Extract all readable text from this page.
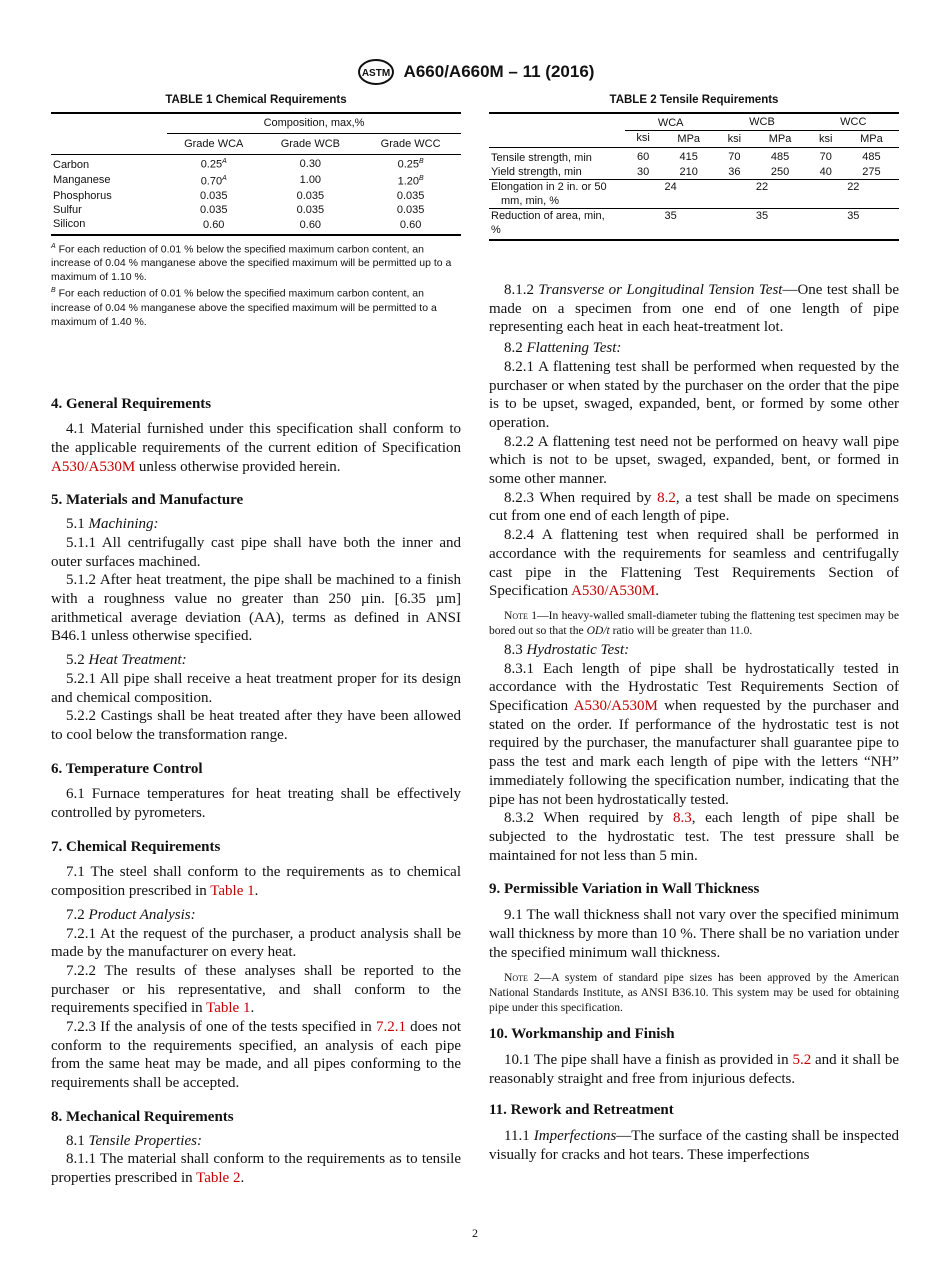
ASTM A660/A660M – 11 (2016)
TABLE 1 Chemical Requirements
	Composition, max,%		
	Grade WCA	Grade WCB	Grade WCC
Carbon	$0.25^A$	0.30	$0.25^B$
Manganese	$0.70^A$	1.00	$1.20^B$
Phosphorus	0.035	0.035	0.035
Sulfur	0.035	0.035	0.035
Silicon	0.60	0.60	0.60
$^A$ For each reduction of 0.01 % below the specified maximum carbon content, an increase of 0.04 % manganese above the specified maximum will be permitted up to a maximum of 1.10 %.
$^B$ For each reduction of 0.01 % below the specified maximum carbon content, an increase of 0.04 % manganese above the specified maximum will be permitted to a maximum of 1.40 %.
4. General Requirements

4.1 Material furnished under this specification shall conform to the applicable requirements of the current edition of Specification A530/A530M unless otherwise provided herein.

5. Materials and Manufacture

5.1 Machining:

5.1.1 All centrifugally cast pipe shall have both the inner and outer surfaces machined.

5.1.2 After heat treatment, the pipe shall be machined to a finish with a roughness value no greater than 250 µin. [6.35 µm] arithmetical average deviation (AA), terms as defined in ANSI B46.1 unless otherwise specified.

5.2 Heat Treatment:

5.2.1 All pipe shall receive a heat treatment proper for its design and chemical composition.

5.2.2 Castings shall be heat treated after they have been allowed to cool below the transformation range.

6. Temperature Control

6.1 Furnace temperatures for heat treating shall be effectively controlled by pyrometers.

7. Chemical Requirements

7.1 The steel shall conform to the requirements as to chemical composition prescribed in Table 1.

7.2 Product Analysis:

7.2.1 At the request of the purchaser, a product analysis shall be made by the manufacturer on every heat.

7.2.2 The results of these analyses shall be reported to the purchaser or his representative, and shall conform to the requirements specified in Table 1.

7.2.3 If the analysis of one of the tests specified in 7.2.1 does not conform to the requirements specified, an analysis of each pipe from the same heat may be made, and all pipes conforming to the requirements shall be accepted.

8. Mechanical Requirements

8.1 Tensile Properties:

8.1.1 The material shall conform to the requirements as to tensile properties prescribed in Table 2.

TABLE 2 Tensile Requirements
	WCA		WCB		WCC	
	ksi	MPa	ksi	MPa	ksi	MPa
Tensile strength, min	60	415	70	485	70	485
Yield strength, min	30	210	36	250	40	275
Elongation in 2 in. or 50
mm, min, %	24		22		22	
Reduction of area, min,
%	35		35		35	

8.1.2 Transverse or Longitudinal Tension Test—One test shall be made on a specimen from one end of one length of pipe representing each heat in each heat-treatment lot.

8.2 Flattening Test:

8.2.1 A flattening test shall be performed when requested by the purchaser or when stated by the purchaser on the order that the pipe is to be upset, swaged, expanded, bent, or formed by some other operation.

8.2.2 A flattening test need not be performed on heavy wall pipe which is not to be upset, swaged, expanded, bent, or formed in some other manner.

8.2.3 When required by 8.2, a test shall be made on specimens cut from one end of each length of pipe.

8.2.4 A flattening test when required shall be performed in accordance with the requirements for seamless and centrifugally cast pipe in the Flattening Test Requirements Section of Specification A530/A530M.

Note 1—In heavy-walled small-diameter tubing the flattening test specimen may be bored out so that the OD/t ratio will be greater than 11.0.

8.3 Hydrostatic Test:

8.3.1 Each length of pipe shall be hydrostatically tested in accordance with the Hydrostatic Test Requirements Section of Specification A530/A530M when requested by the purchaser and stated on the order. If performance of the hydrostatic test is not required by the purchaser, the manufacturer shall guarantee pipe to pass the test and mark each length of pipe with the letters “NH” immediately following the specification number, indicating that the pipe has not been hydrostatically tested.

8.3.2 When required by 8.3, each length of pipe shall be subjected to the hydrostatic test. The test pressure shall be maintained for not less than 5 min.

9. Permissible Variation in Wall Thickness

9.1 The wall thickness shall not vary over the specified minimum wall thickness by more than 10 %. There shall be no variation under the specified minimum wall thickness.

Note 2—A system of standard pipe sizes has been approved by the American National Standards Institute, as ANSI B36.10. This system may be used for obtaining pipe under this specification.

10. Workmanship and Finish

10.1 The pipe shall have a finish as provided in 5.2 and it shall be reasonably straight and free from injurious defects.

11. Rework and Retreatment

11.1 Imperfections—The surface of the casting shall be inspected visually for cracks and hot tears. These imperfections

2
